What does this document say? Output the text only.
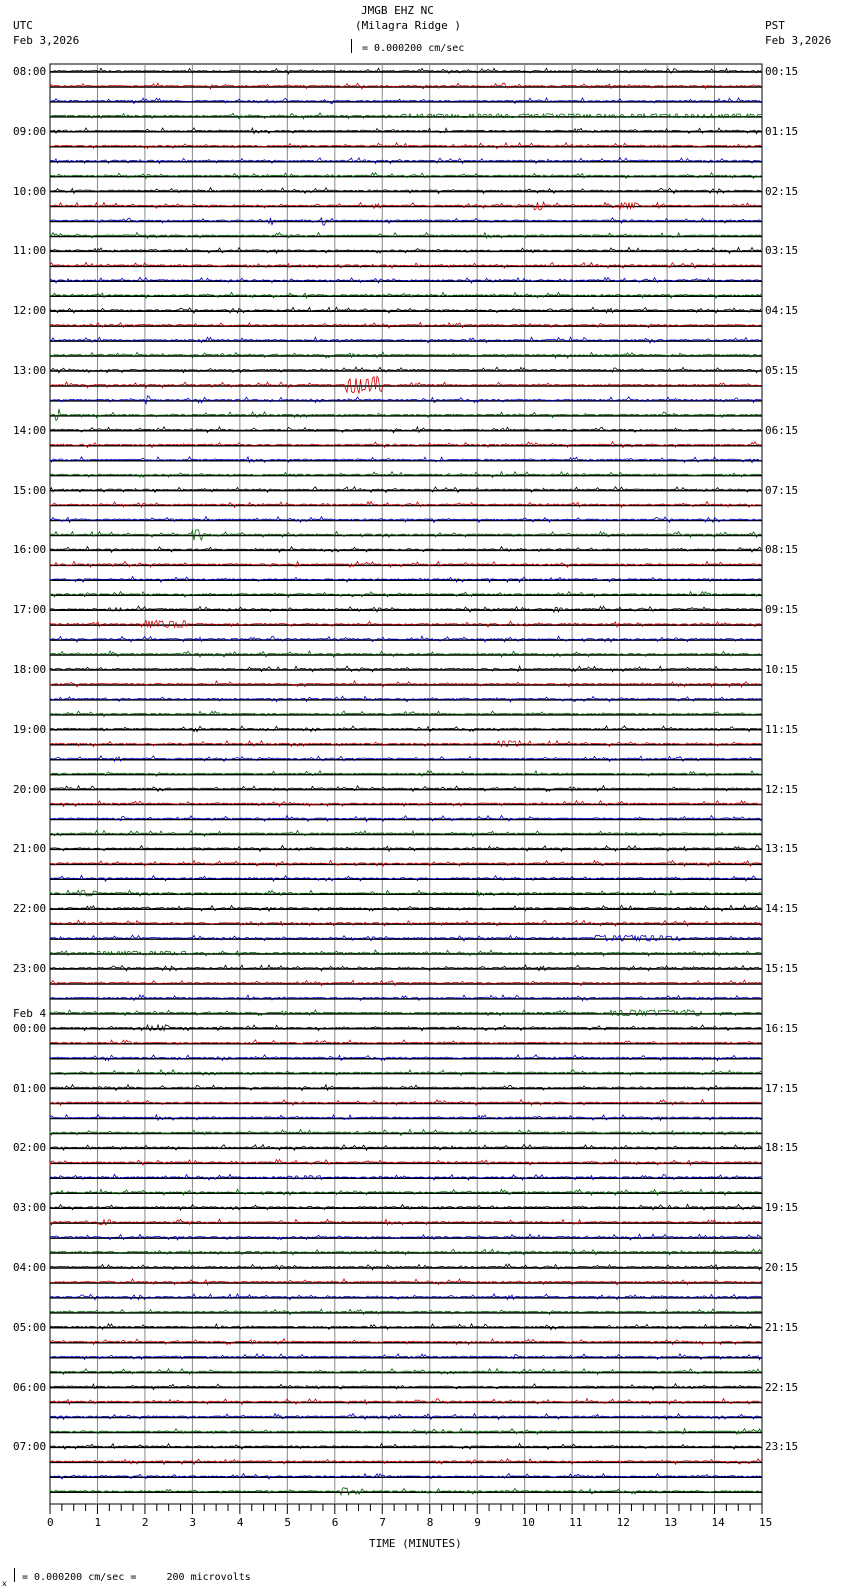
JMGB EHZ NC
(Milagra Ridge )
UTC
Feb 3,2026
PST
Feb 3,2026
= 0.000200 cm/sec
TIME (MINUTES)
x
= 0.000200 cm/sec =     200 microvolts
0	1	2	3	4	5	6	7	8	9	10	11	12	13	14	15
08:00
09:00
10:00
11:00
12:00
13:00
14:00
15:00
16:00
17:00
18:00
19:00
20:00
21:00
22:00
23:00
00:00
01:00
02:00
03:00
04:00
05:00
06:00
07:00
00:15
01:15
02:15
03:15
04:15
05:15
06:15
07:15
08:15
09:15
10:15
11:15
12:15
13:15
14:15
15:15
16:15
17:15
18:15
19:15
20:15
21:15
22:15
23:15
Feb 4
